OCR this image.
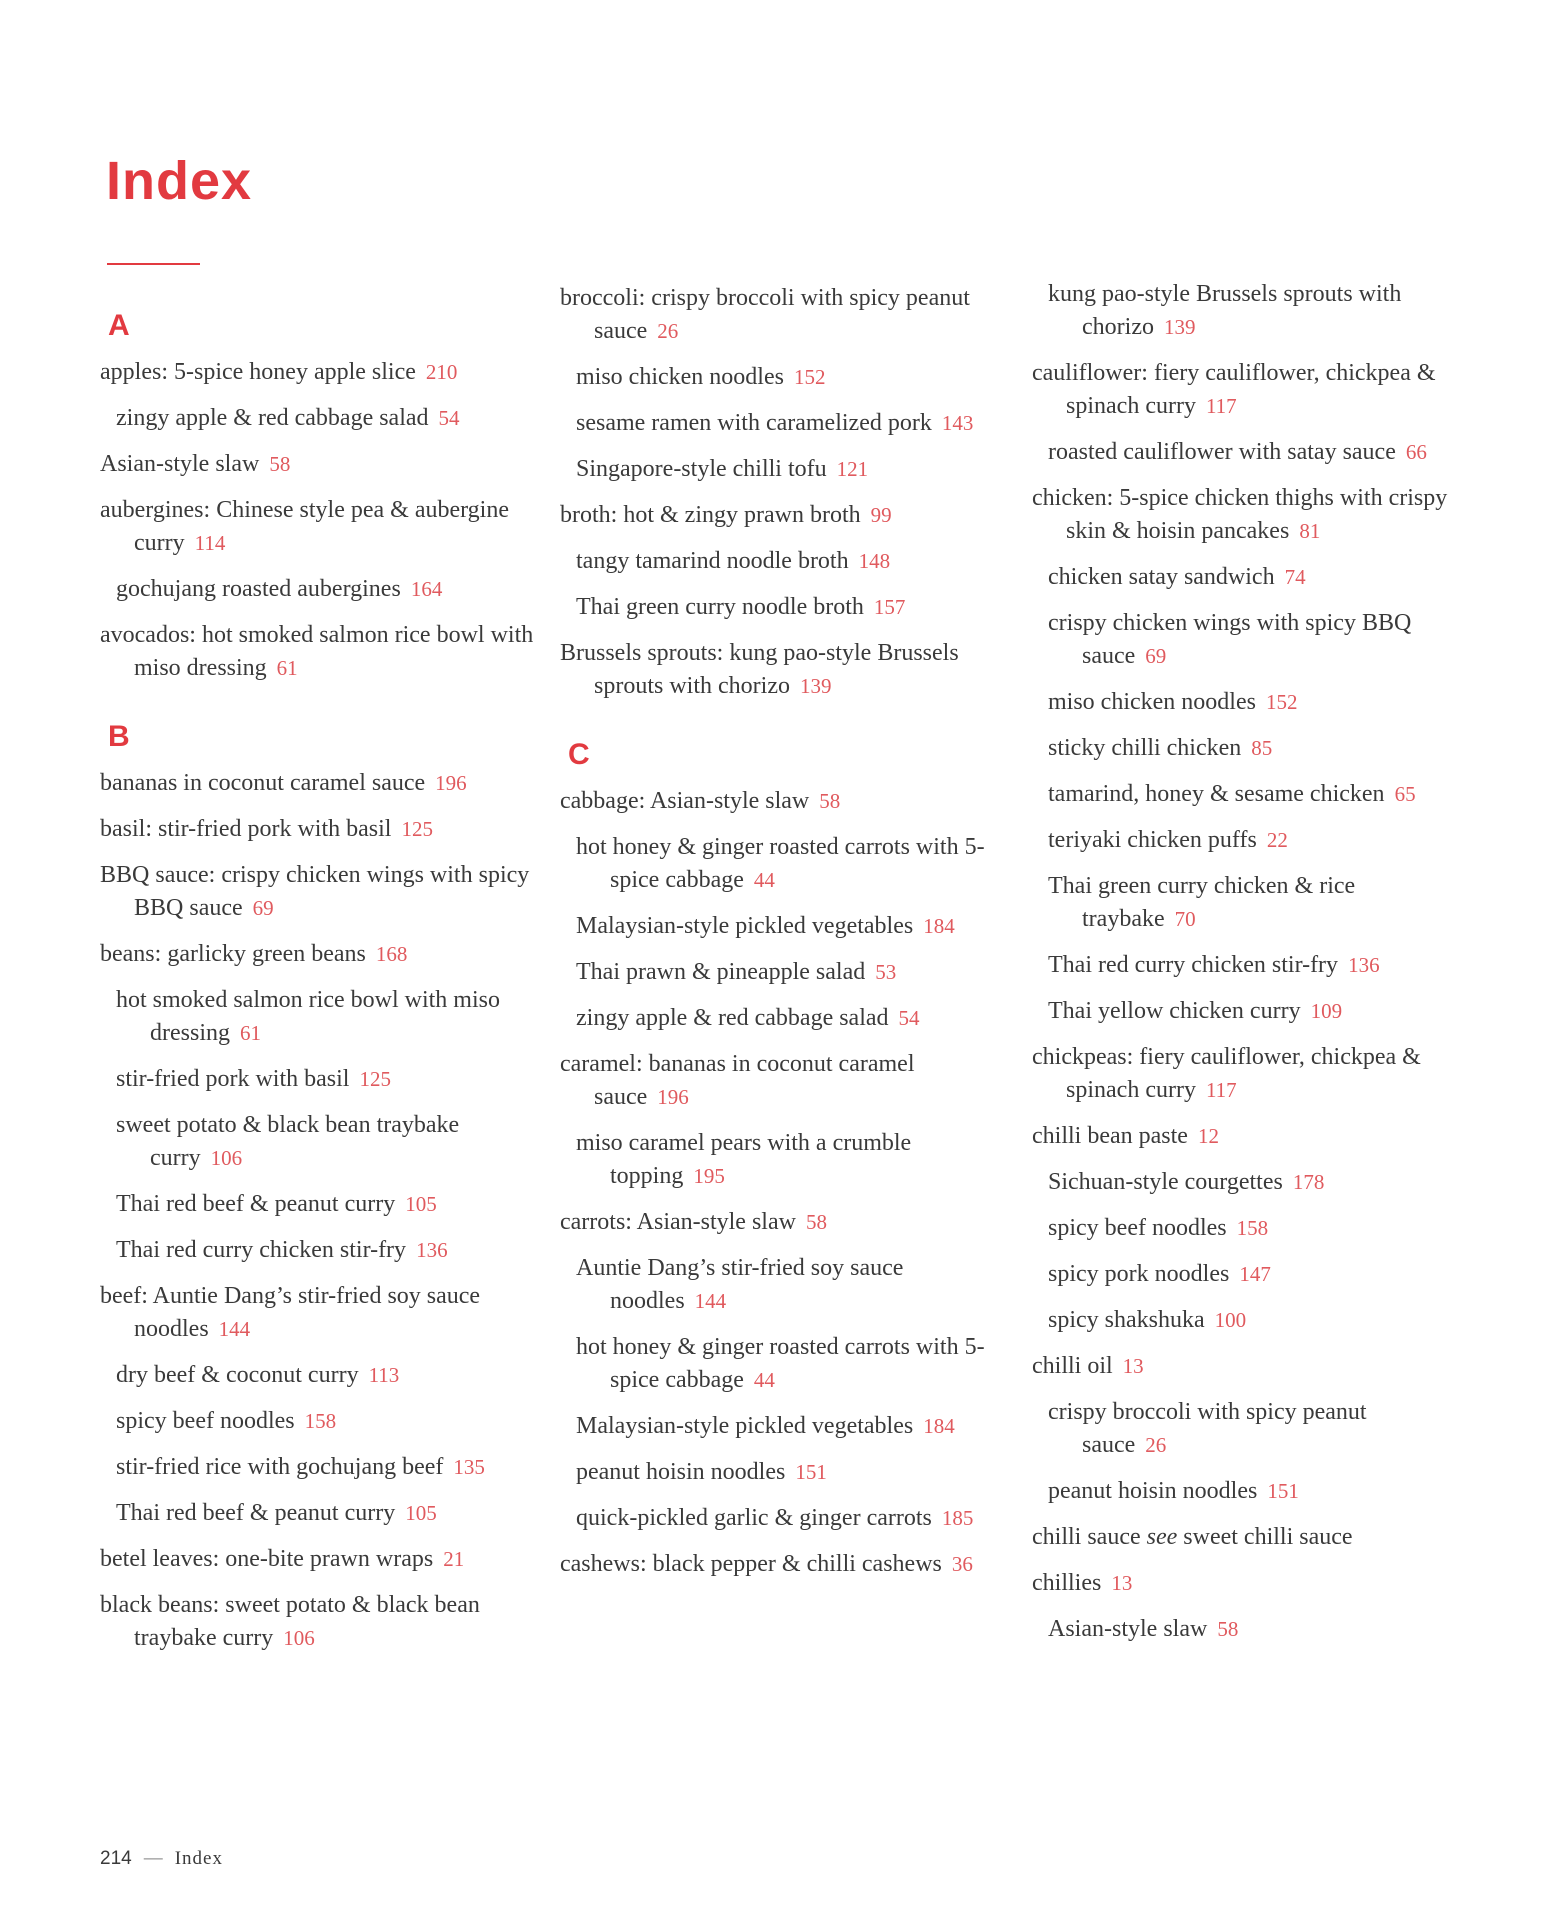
Index
A
apples: 5-spice honey apple slice 210
zingy apple & red cabbage salad 54
Asian-style slaw 58
aubergines: Chinese style pea & aubergine curry 114
gochujang roasted aubergines 164
avocados: hot smoked salmon rice bowl with miso dressing 61
B
bananas in coconut caramel sauce 196
basil: stir-fried pork with basil 125
BBQ sauce: crispy chicken wings with spicy BBQ sauce 69
beans: garlicky green beans 168
hot smoked salmon rice bowl with miso dressing 61
stir-fried pork with basil 125
sweet potato & black bean traybake curry 106
Thai red beef & peanut curry 105
Thai red curry chicken stir-fry 136
beef: Auntie Dang’s stir-fried soy sauce noodles 144
dry beef & coconut curry 113
spicy beef noodles 158
stir-fried rice with gochujang beef 135
Thai red beef & peanut curry 105
betel leaves: one-bite prawn wraps 21
black beans: sweet potato & black bean traybake curry 106
broccoli: crispy broccoli with spicy peanut sauce 26
miso chicken noodles 152
sesame ramen with caramelized pork 143
Singapore-style chilli tofu 121
broth: hot & zingy prawn broth 99
tangy tamarind noodle broth 148
Thai green curry noodle broth 157
Brussels sprouts: kung pao-style Brussels sprouts with chorizo 139
C
cabbage: Asian-style slaw 58
hot honey & ginger roasted carrots with 5-spice cabbage 44
Malaysian-style pickled vegetables 184
Thai prawn & pineapple salad 53
zingy apple & red cabbage salad 54
caramel: bananas in coconut caramel sauce 196
miso caramel pears with a crumble topping 195
carrots: Asian-style slaw 58
Auntie Dang’s stir-fried soy sauce noodles 144
hot honey & ginger roasted carrots with 5-spice cabbage 44
Malaysian-style pickled vegetables 184
peanut hoisin noodles 151
quick-pickled garlic & ginger carrots 185
cashews: black pepper & chilli cashews 36
kung pao-style Brussels sprouts with chorizo 139
cauliflower: fiery cauliflower, chickpea & spinach curry 117
roasted cauliflower with satay sauce 66
chicken: 5-spice chicken thighs with crispy skin & hoisin pancakes 81
chicken satay sandwich 74
crispy chicken wings with spicy BBQ sauce 69
miso chicken noodles 152
sticky chilli chicken 85
tamarind, honey & sesame chicken 65
teriyaki chicken puffs 22
Thai green curry chicken & rice traybake 70
Thai red curry chicken stir-fry 136
Thai yellow chicken curry 109
chickpeas: fiery cauliflower, chickpea & spinach curry 117
chilli bean paste 12
Sichuan-style courgettes 178
spicy beef noodles 158
spicy pork noodles 147
spicy shakshuka 100
chilli oil 13
crispy broccoli with spicy peanut sauce 26
peanut hoisin noodles 151
chilli sauce see sweet chilli sauce
chillies 13
Asian-style slaw 58
214 — Index
